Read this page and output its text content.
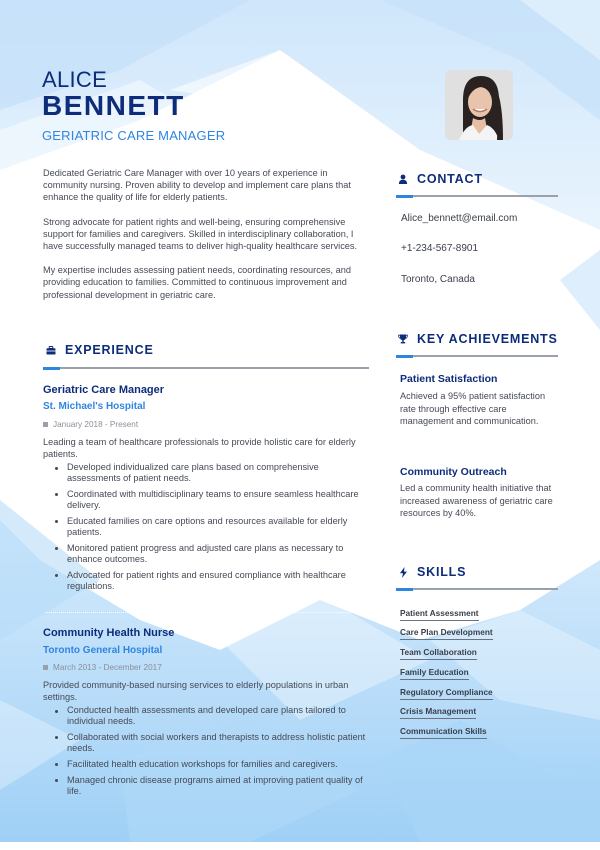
ALICE
BENNETT
GERIATRIC CARE MANAGER

Dedicated Geriatric Care Manager with over 10 years of experience in community nursing. Proven ability to develop and implement care plans that enhance the quality of life for elderly patients.

Strong advocate for patient rights and well-being, ensuring comprehensive support for families and caregivers. Skilled in interdisciplinary collaboration, I have successfully managed teams to deliver high-quality healthcare services.

My expertise includes assessing patient needs, coordinating resources, and providing education to families. Committed to continuous improvement and professional development in geriatric care.

CONTACT
Alice_bennett@email.com
+1-234-567-8901
Toronto, Canada
EXPERIENCE
Geriatric Care Manager
St. Michael's Hospital
January 2018 - Present
Leading a team of healthcare professionals to provide holistic care for elderly patients.
Developed individualized care plans based on comprehensive assessments of patient needs.
Coordinated with multidisciplinary teams to ensure seamless healthcare delivery.
Educated families on care options and resources available for elderly patients.
Monitored patient progress and adjusted care plans as necessary to enhance outcomes.
Advocated for patient rights and ensured compliance with healthcare regulations.
Community Health Nurse
Toronto General Hospital
March 2013 - December 2017
Provided community-based nursing services to elderly populations in urban settings.
Conducted health assessments and developed care plans tailored to individual needs.
Collaborated with social workers and therapists to address holistic patient needs.
Facilitated health education workshops for families and caregivers.
Managed chronic disease programs aimed at improving patient quality of life.
KEY ACHIEVEMENTS
Patient Satisfaction
Achieved a 95% patient satisfaction rate through effective care management and communication.
Community Outreach
Led a community health initiative that increased awareness of geriatric care resources by 40%.
SKILLS
Patient Assessment
Care Plan Development
Team Collaboration
Family Education
Regulatory Compliance
Crisis Management
Communication Skills
